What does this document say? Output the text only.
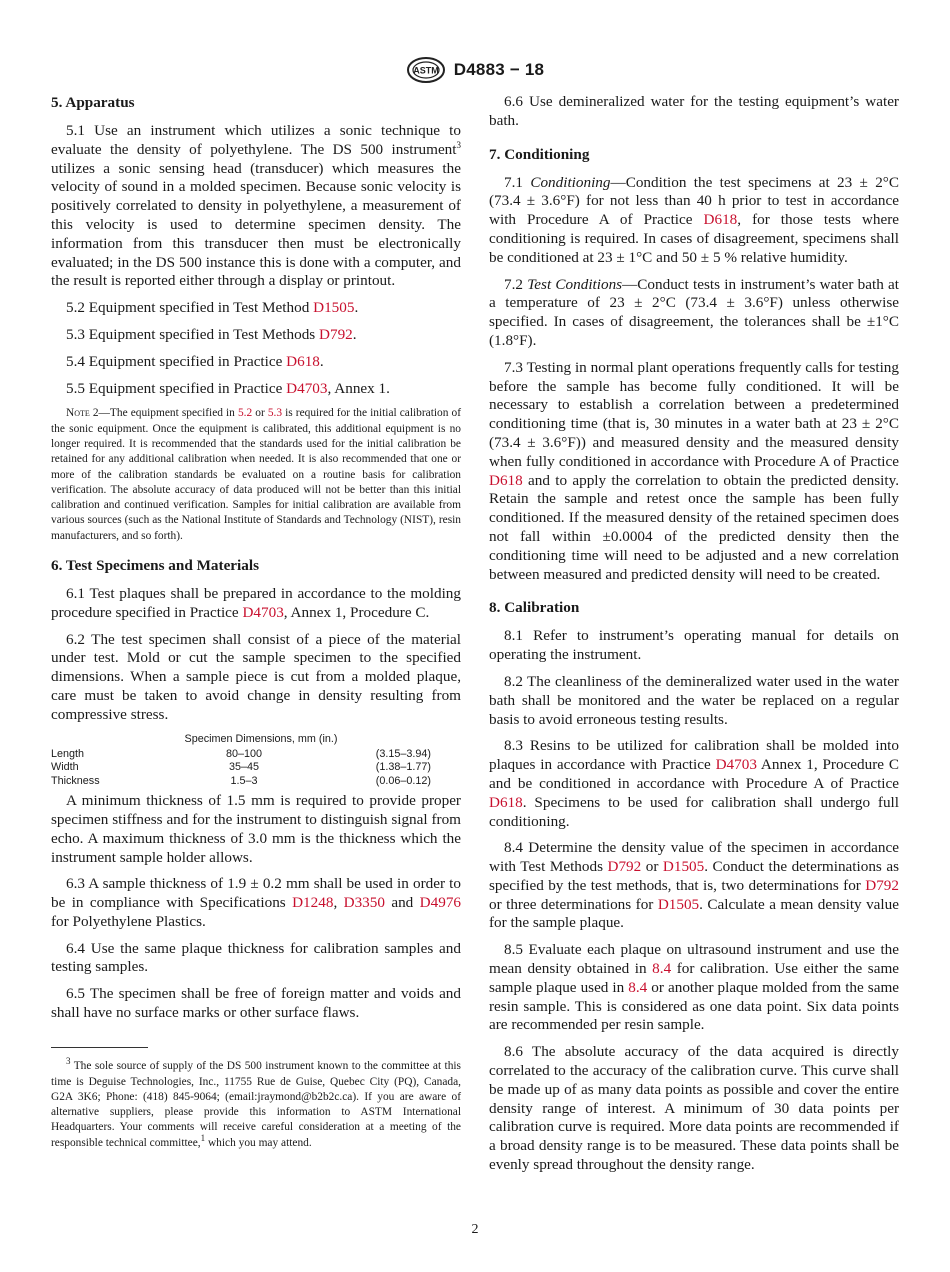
ASTM D4883 − 18
5. Apparatus

5.1 Use an instrument which utilizes a sonic technique to evaluate the density of polyethylene. The DS 500 instrument$^3$ utilizes a sonic sensing head (transducer) which measures the velocity of sound in a molded specimen. Because sonic velocity is positively correlated to density in polyethylene, a measurement of this velocity is used to determine specimen density. The information from this transducer then must be electronically evaluated; in the DS 500 instance this is done with a computer, and the result is reported either through a display or printout.

5.2 Equipment specified in Test Method D1505.

5.3 Equipment specified in Test Methods D792.

5.4 Equipment specified in Practice D618.

5.5 Equipment specified in Practice D4703, Annex 1.

Note 2—The equipment specified in 5.2 or 5.3 is required for the initial calibration of the sonic equipment. Once the equipment is calibrated, this additional equipment is no longer required. It is recommended that the standards used for the initial calibration be retained for any additional calibration when needed. It is also recommended that one or more of the calibration standards be evaluated on a routine basis for calibration verification. The absolute accuracy of data produced will not be better than this initial calibration and continued verification. Samples for initial calibration are available from various sources (such as the National Institute of Standards and Technology (NIST), resin manufacturers, and so forth).

6. Test Specimens and Materials

6.1 Test plaques shall be prepared in accordance to the molding procedure specified in Practice D4703, Annex 1, Procedure C.

6.2 The test specimen shall consist of a piece of the material under test. Mold or cut the sample specimen to the specified dimensions. When a sample piece is cut from a molded plaque, care must be taken to avoid change in density resulting from compressive stress.

Specimen Dimensions, mm (in.)
Length	80–100	(3.15–3.94)
Width	35–45	(1.38–1.77)
Thickness	1.5–3	(0.06–0.12)

A minimum thickness of 1.5 mm is required to provide proper specimen stiffness and for the instrument to distinguish signal from echo. A maximum thickness of 3.0 mm is the thickness which the instrument sample holder allows.

6.3 A sample thickness of 1.9 ± 0.2 mm shall be used in order to be in compliance with Specifications D1248, D3350 and D4976 for Polyethylene Plastics.

6.4 Use the same plaque thickness for calibration samples and testing samples.

6.5 The specimen shall be free of foreign matter and voids and shall have no surface marks or other surface flaws.

$^3$ The sole source of supply of the DS 500 instrument known to the committee at this time is Deguise Technologies, Inc., 11755 Rue de Guise, Quebec City (PQ), Canada, G2A 3K6; Phone: (418) 845-9064; (email:jraymond@b2b2c.ca). If you are aware of alternative suppliers, please provide this information to ASTM International Headquarters. Your comments will receive careful consideration at a meeting of the responsible technical committee,$^1$ which you may attend.

6.6 Use demineralized water for the testing equipment’s water bath.

7. Conditioning

7.1 Conditioning—Condition the test specimens at 23 ± 2°C (73.4 ± 3.6°F) for not less than 40 h prior to test in accordance with Procedure A of Practice D618, for those tests where conditioning is required. In cases of disagreement, specimens shall be conditioned at 23 ± 1°C and 50 ± 5 % relative humidity.

7.2 Test Conditions—Conduct tests in instrument’s water bath at a temperature of 23 ± 2°C (73.4 ± 3.6°F) unless otherwise specified. In cases of disagreement, the tolerances shall be ±1°C (1.8°F).

7.3 Testing in normal plant operations frequently calls for testing before the sample has become fully conditioned. It will be necessary to establish a correlation between a predetermined conditioning time (that is, 30 minutes in a water bath at 23 ± 2°C (73.4 ± 3.6°F)) and measured density and the measured density when fully conditioned in accordance with Procedure A of Practice D618 and to apply the correlation to obtain the predicted density. Retain the sample and retest once the sample has been fully conditioned. If the measured density of the retained specimen does not fall within ±0.0004 of the predicted density then the conditioning time will need to be adjusted and a new correlation between measured and predicted density will need to be created.

8. Calibration

8.1 Refer to instrument’s operating manual for details on operating the instrument.

8.2 The cleanliness of the demineralized water used in the water bath shall be monitored and the water be replaced on a regular basis to avoid erroneous testing results.

8.3 Resins to be utilized for calibration shall be molded into plaques in accordance with Practice D4703 Annex 1, Procedure C and be conditioned in accordance with Procedure A of Practice D618. Specimens to be used for calibration shall undergo full conditioning.

8.4 Determine the density value of the specimen in accordance with Test Methods D792 or D1505. Conduct the determinations as specified by the test methods, that is, two determinations for D792 or three determinations for D1505. Calculate a mean density value for the sample plaque.

8.5 Evaluate each plaque on ultrasound instrument and use the mean density obtained in 8.4 for calibration. Use either the same sample plaque used in 8.4 or another plaque molded from the same resin sample. This is considered as one data point. Six data points are recommended per resin sample.

8.6 The absolute accuracy of the data acquired is directly correlated to the accuracy of the calibration curve. This curve shall be made up of as many data points as possible and cover the entire density range of interest. A minimum of 30 data points per calibration curve is required. More data points are recommended if a broad density range is to be measured. These data points shall be evenly spread throughout the density range.

2
